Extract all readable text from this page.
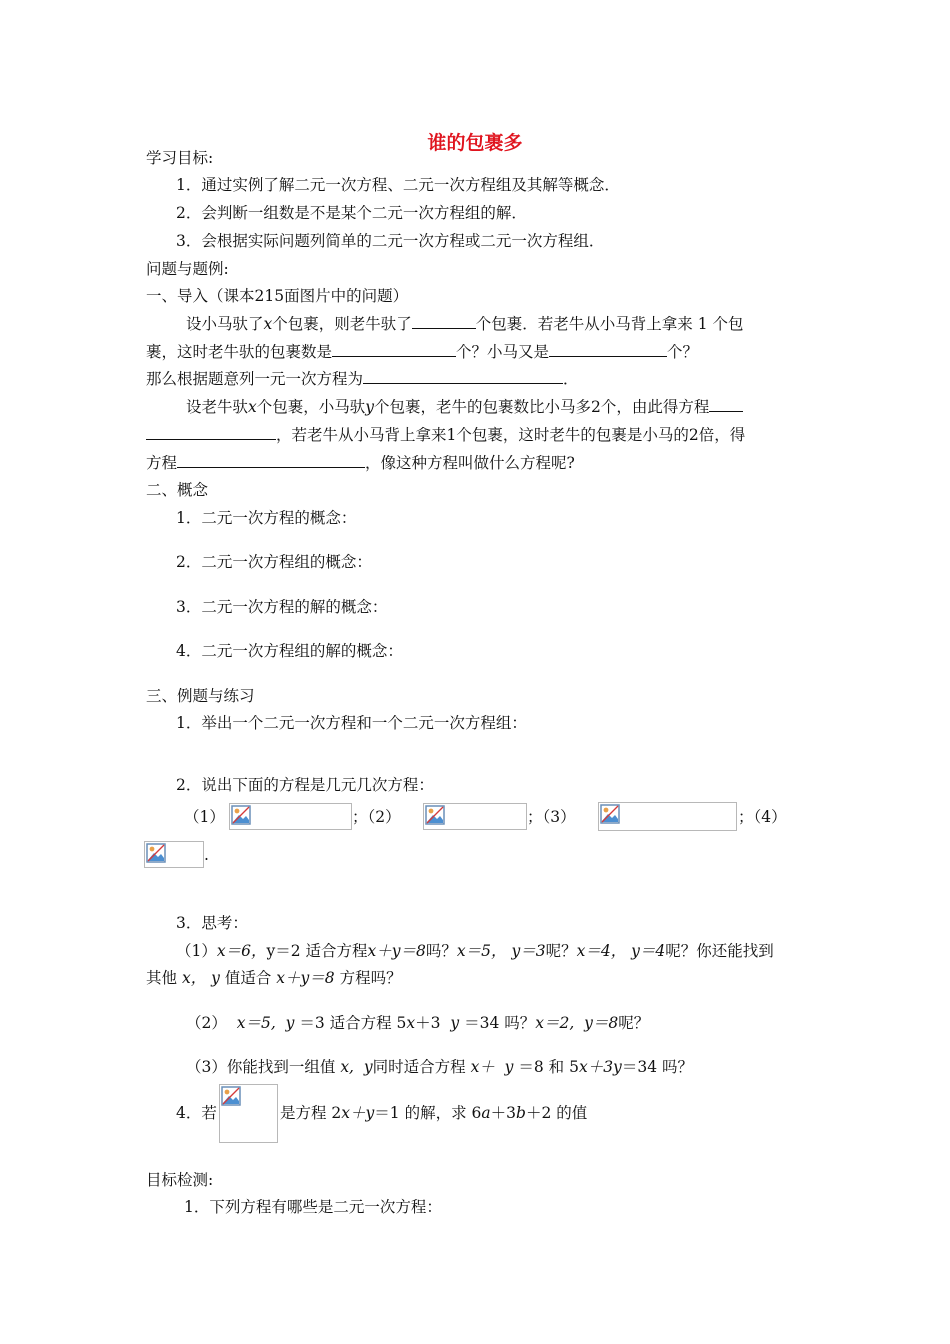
谁的包裹多
学习目标:
1．通过实例了解二元一次方程、二元一次方程组及其解等概念．
2．会判断一组数是不是某个二元一次方程组的解．
3．会根据实际问题列简单的二元一次方程或二元一次方程组．
问题与题例:
一、导入（课本215面图片中的问题）
设小马驮了x个包裹，则老牛驮了	个包裹．若老牛从小马背上拿来 1 个包
裹，这时老牛驮的包裹数是	个？小马又是	个？
那么根据题意列一元一次方程为	．
设老牛驮x个包裹，小马驮y个包裹，老牛的包裹数比小马多2个，由此得方程
，若老牛从小马背上拿来1个包裹，这时老牛的包裹是小马的2倍，得
方程	，像这种方程叫做什么方程呢?
二、概念
1．二元一次方程的概念：
2．二元一次方程组的概念：
3．二元一次方程的解的概念：
4．二元一次方程组的解的概念：
三、例题与练习
1．举出一个二元一次方程和一个二元一次方程组：
2．说出下面的方程是几元几次方程：
（1）	；（2）	；（3）	；（4）
.
3．思考：
（1）x＝6，y＝2 适合方程x＋y＝8吗？x＝5， y＝3呢？x＝4， y＝4呢？你还能找到
其他 x， y 值适合 x＋y＝8 方程吗？
（2） x＝5, y ＝3 适合方程 5x＋3 y ＝34 吗？x＝2, y＝8呢？
（3）你能找到一组值 x, y同时适合方程 x＋ y ＝8 和 5x＋3y＝34 吗？
4．若	是方程 2x＋y＝1 的解，求 6a＋3b＋2 的值
目标检测:
1．下列方程有哪些是二元一次方程：
